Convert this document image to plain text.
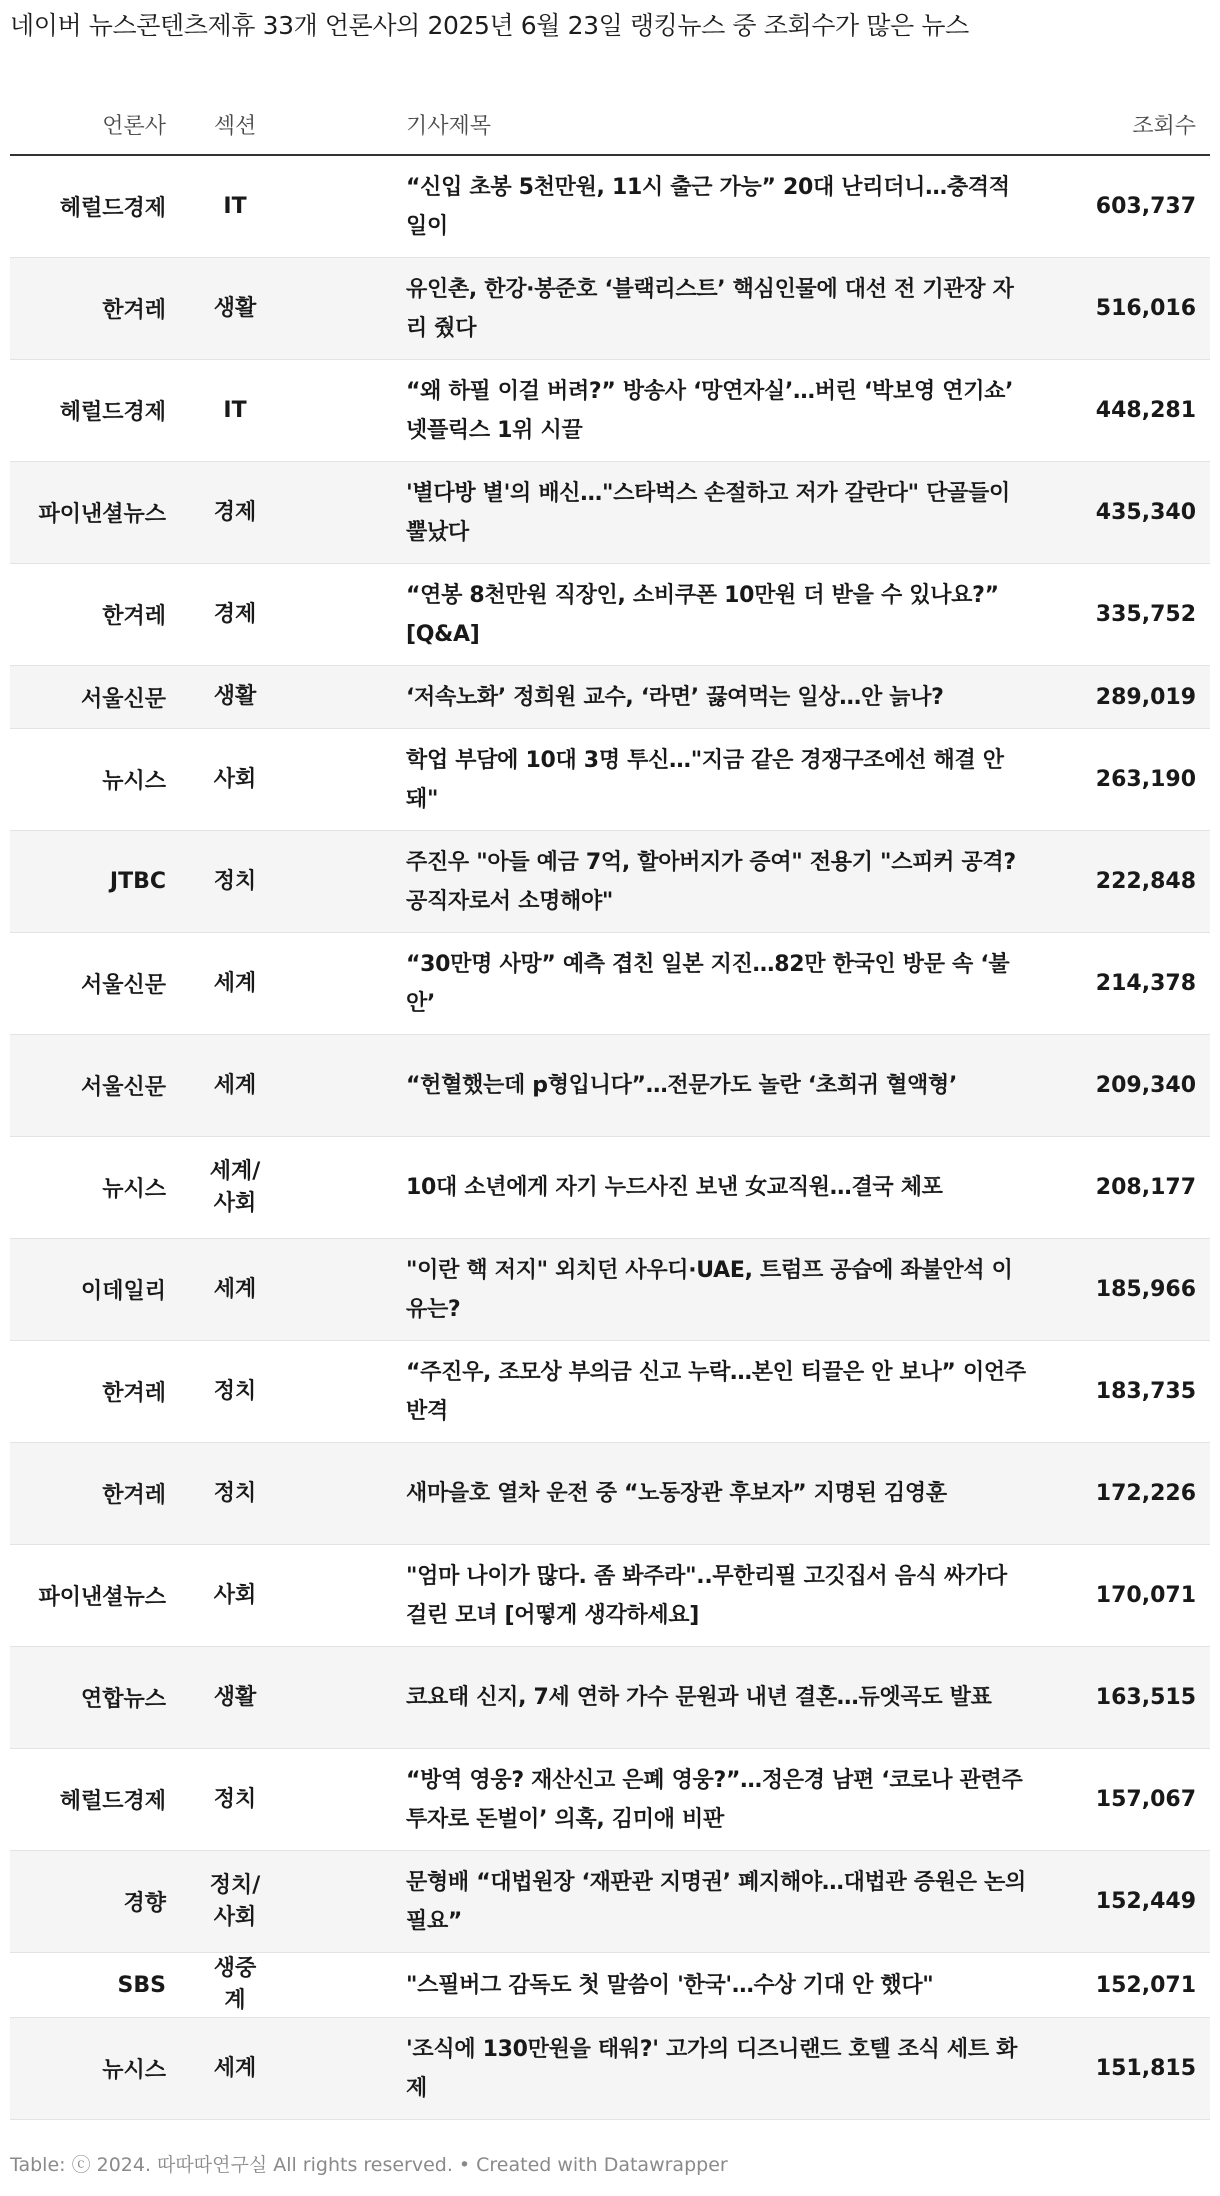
네이버 뉴스콘텐츠제휴 33개 언론사의 2025년 6월 23일 랭킹뉴스 중 조회수가 많은 뉴스
언론사	섹션	기사제목	조회수
헤럴드경제	IT	“신입 초봉 5천만원, 11시 출근 가능” 20대 난리더니…충격적 일이	603,737
한겨레	생활	유인촌, 한강·봉준호 ‘블랙리스트’ 핵심인물에 대선 전 기관장 자리 줬다	516,016
헤럴드경제	IT	“왜 하필 이걸 버려?” 방송사 ‘망연자실’…버린 ‘박보영 연기쇼’ 넷플릭스 1위 시끌	448,281
파이낸셜뉴스	경제	'별다방 별'의 배신…"스타벅스 손절하고 저가 갈란다" 단골들이 뿔났다	435,340
한겨레	경제	“연봉 8천만원 직장인, 소비쿠폰 10만원 더 받을 수 있나요?” [Q&A]	335,752
서울신문	생활	‘저속노화’ 정희원 교수, ‘라면’ 끓여먹는 일상…안 늙나?	289,019
뉴시스	사회	학업 부담에 10대 3명 투신…"지금 같은 경쟁구조에선 해결 안돼"	263,190
JTBC	정치	주진우 "아들 예금 7억, 할아버지가 증여" 전용기 "스피커 공격? 공직자로서 소명해야"	222,848
서울신문	세계	“30만명 사망” 예측 겹친 일본 지진…82만 한국인 방문 속 ‘불안’	214,378
서울신문	세계	“헌혈했는데 p형입니다”…전문가도 놀란 ‘초희귀 혈액형’	209,340
뉴시스	세계/사회	10대 소년에게 자기 누드사진 보낸 女교직원…결국 체포	208,177
이데일리	세계	"이란 핵 저지" 외치던 사우디·UAE, 트럼프 공습에 좌불안석 이유는?	185,966
한겨레	정치	“주진우, 조모상 부의금 신고 누락…본인 티끌은 안 보나” 이언주 반격	183,735
한겨레	정치	새마을호 열차 운전 중 “노동장관 후보자” 지명된 김영훈	172,226
파이낸셜뉴스	사회	"엄마 나이가 많다. 좀 봐주라"..무한리필 고깃집서 음식 싸가다 걸린 모녀 [어떻게 생각하세요]	170,071
연합뉴스	생활	코요태 신지, 7세 연하 가수 문원과 내년 결혼…듀엣곡도 발표	163,515
헤럴드경제	정치	“방역 영웅? 재산신고 은폐 영웅?”…정은경 남편 ‘코로나 관련주 투자로 돈벌이’ 의혹, 김미애 비판	157,067
경향	정치/사회	문형배 “대법원장 ‘재판관 지명권’ 폐지해야…대법관 증원은 논의 필요”	152,449
SBS	생중계	"스필버그 감독도 첫 말씀이 '한국'…수상 기대 안 했다"	152,071
뉴시스	세계	'조식에 130만원을 태워?' 고가의 디즈니랜드 호텔 조식 세트 화제	151,815
Table: ⓒ 2024. 따따따연구실 All rights reserved. • Created with Datawrapper
